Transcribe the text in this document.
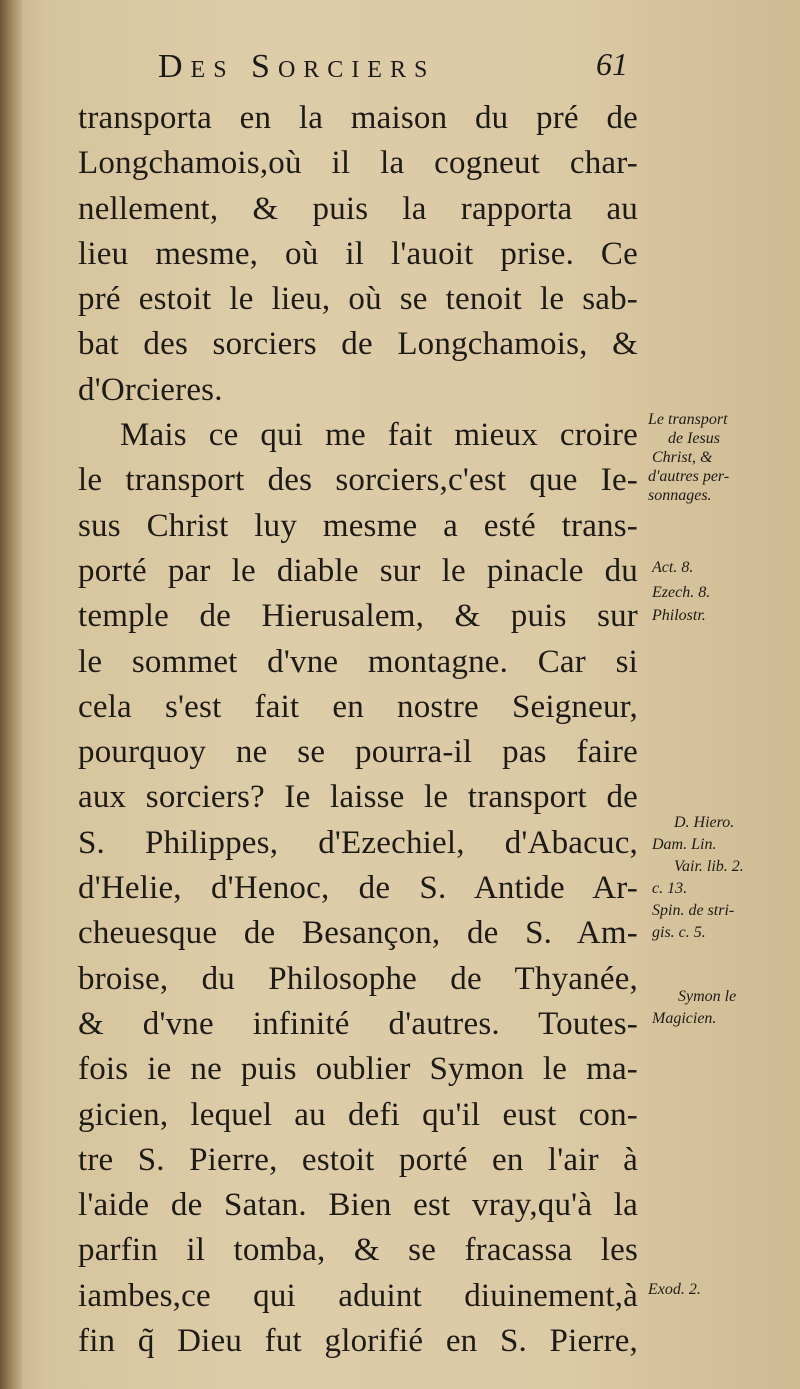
Des Sorciers	61
transporta en la maison du pré de
Longchamois,où il la cogneut char-
nellement, & puis la rapporta au
lieu mesme, où il l'auoit prise. Ce
pré estoit le lieu, où se tenoit le sab-
bat des sorciers de Longchamois, &
d'Orcieres.
Mais ce qui me fait mieux croire
le transport des sorciers,c'est que Ie-
sus Christ luy mesme a esté trans-
porté par le diable sur le pinacle du
temple de Hierusalem, & puis sur
le sommet d'vne montagne. Car si
cela s'est fait en nostre Seigneur,
pourquoy ne se pourra-il pas faire
aux sorciers? Ie laisse le transport de
S. Philippes, d'Ezechiel, d'Abacuc,
d'Helie, d'Henoc, de S. Antide Ar-
cheuesque de Besançon, de S. Am-
broise, du Philosophe de Thyanée,
& d'vne infinité d'autres. Toutes-
fois ie ne puis oublier Symon le ma-
gicien, lequel au defi qu'il eust con-
tre S. Pierre, estoit porté en l'air à
l'aide de Satan. Bien est vray,qu'à la
parfin il tomba, & se fracassa les
iambes,ce qui aduint diuinement,à
fin q̃ Dieu fut glorifié en S. Pierre,
Le transport
de Iesus
Christ, &
d'autres per-
sonnages.
Act. 8.
Ezech. 8.
Philostr.
D. Hiero.
Dam. Lin.
Vair. lib. 2.
c. 13.
Spin. de stri-
gis. c. 5.
Symon le
Magicien.
Exod. 2.
